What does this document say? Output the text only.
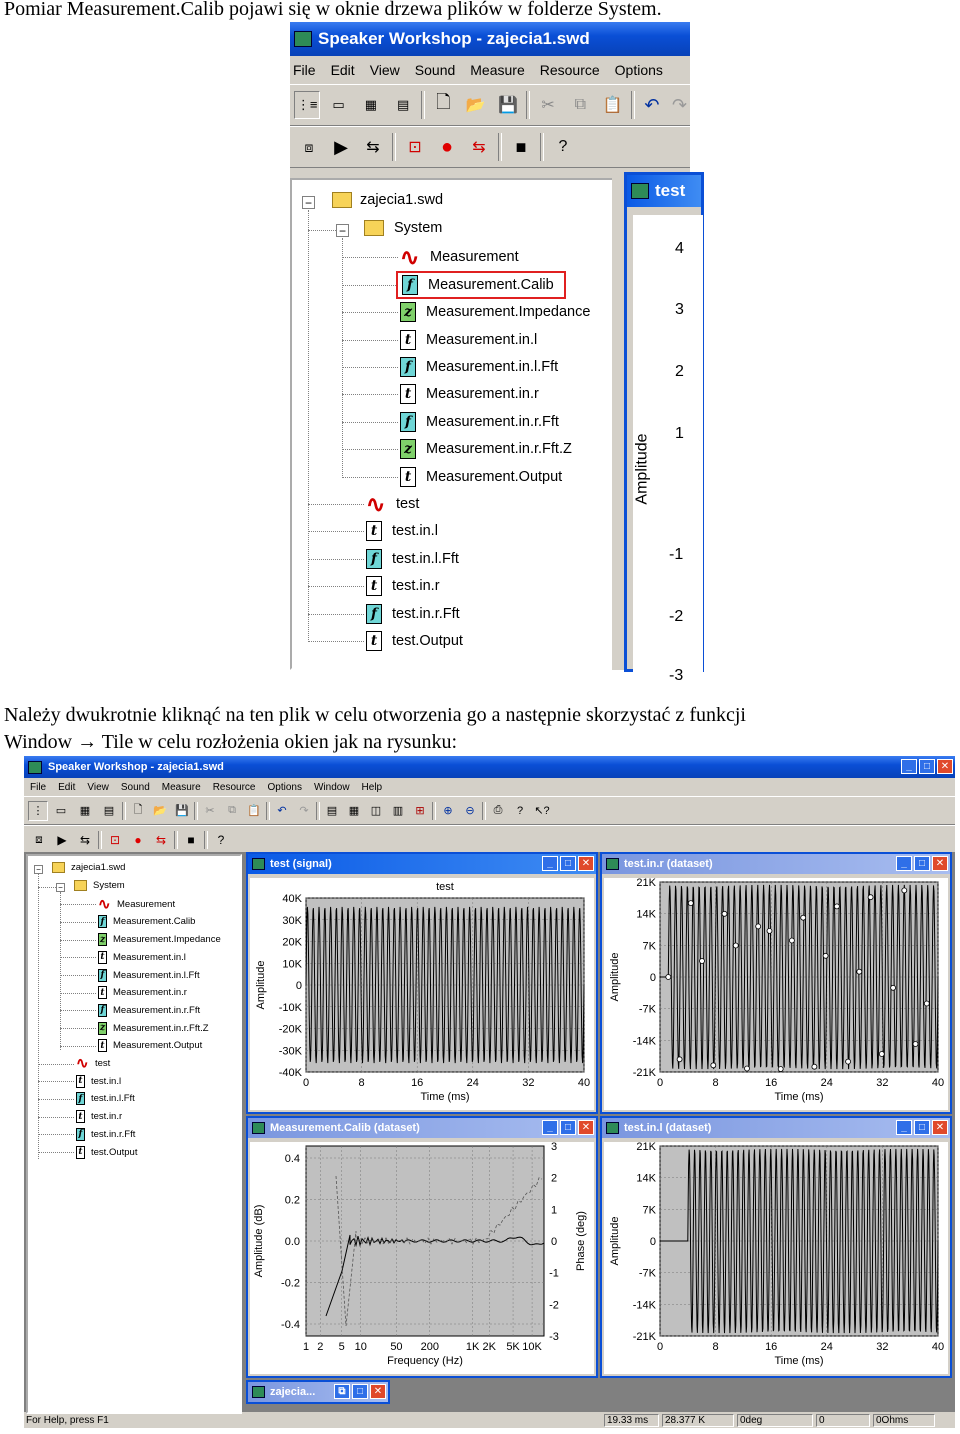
Pomiar Measurement.Calib pojawi się w oknie drzewa plików w folderze System.

Speaker Workshop - zajecia1.swd
File Edit View Sound Measure Resource Options
⋮≡	▭	▦	▤	🗋 📂 💾	✂	⧉	📋	↶ ↷
⧈	▶	⇆	⊡ ●	⇆	■	?
−	zajecia1.swd
−	System
∿ Measurement
f	Measurement.Calib
z Measurement.Impedance
t	Measurement.in.l
f	Measurement.in.l.Fft
t	Measurement.in.r
f	Measurement.in.r.Fft
z Measurement.in.r.Fft.Z
t	Measurement.Output
∿ test
t	test.in.l
f	test.in.l.Fft
t	test.in.r
f	test.in.r.Fft
t	test.Output
test
4
3
2
1
-1
-2
-3
Amplitude

Należy dwukrotnie kliknąć na ten plik w celu otworzenia go a następnie skorzystać z funkcji

Window → Tile w celu rozłożenia okien jak na rysunku:

Speaker Workshop - zajecia1.swd	_	□	✕
File Edit View Sound Measure Resource Options Window Help
⋮	▭	▦	▤	🗋 📂 💾	✂	⧉	📋	↶	↷	▤	▦	◫	▥	⊞	⊕	⊖	⎙	?	↖?
⧈	▶	⇆	⊡	●	⇆	■	?
−	zajecia1.swd
−	System
∿ Measurement
f Measurement.Calib
z Measurement.Impedance
t Measurement.in.l
f Measurement.in.l.Fft
t Measurement.in.r
f Measurement.in.r.Fft
z Measurement.in.r.Fft.Z
t Measurement.Output
∿ test
t test.in.l
f test.in.l.Fft
t test.in.r
f test.in.r.Fft
t test.Output
test (signal)	_	□	✕
test
40K
30K
20K
10K
0
-10K
-20K
-30K
-40K
0	8	16	24	32	40
Time (ms)
Amplitude
test.in.r (dataset)	_	□	✕
21K
14K
7K
0
-7K
-14K
-21K
0	8	16	24	32	40
Time (ms)
Amplitude
Measurement.Calib (dataset)	_	□	✕
0.4
0.2
0.0
-0.2
-0.4
3
2
1
0
-1
-2
-3
1 2 5 10 50 200 1K 2K 5K 10K
Frequency (Hz)
Amplitude (dB)	Phase (deg)
test.in.l (dataset)	_	□	✕
21K
14K
7K
0
-7K
-14K
-21K
0	8	16	24	32	40
Time (ms)
Amplitude
zajecia...	⧉	□	✕
For Help, press F1	19.33 ms	28.377 K	0deg	0	0Ohms
